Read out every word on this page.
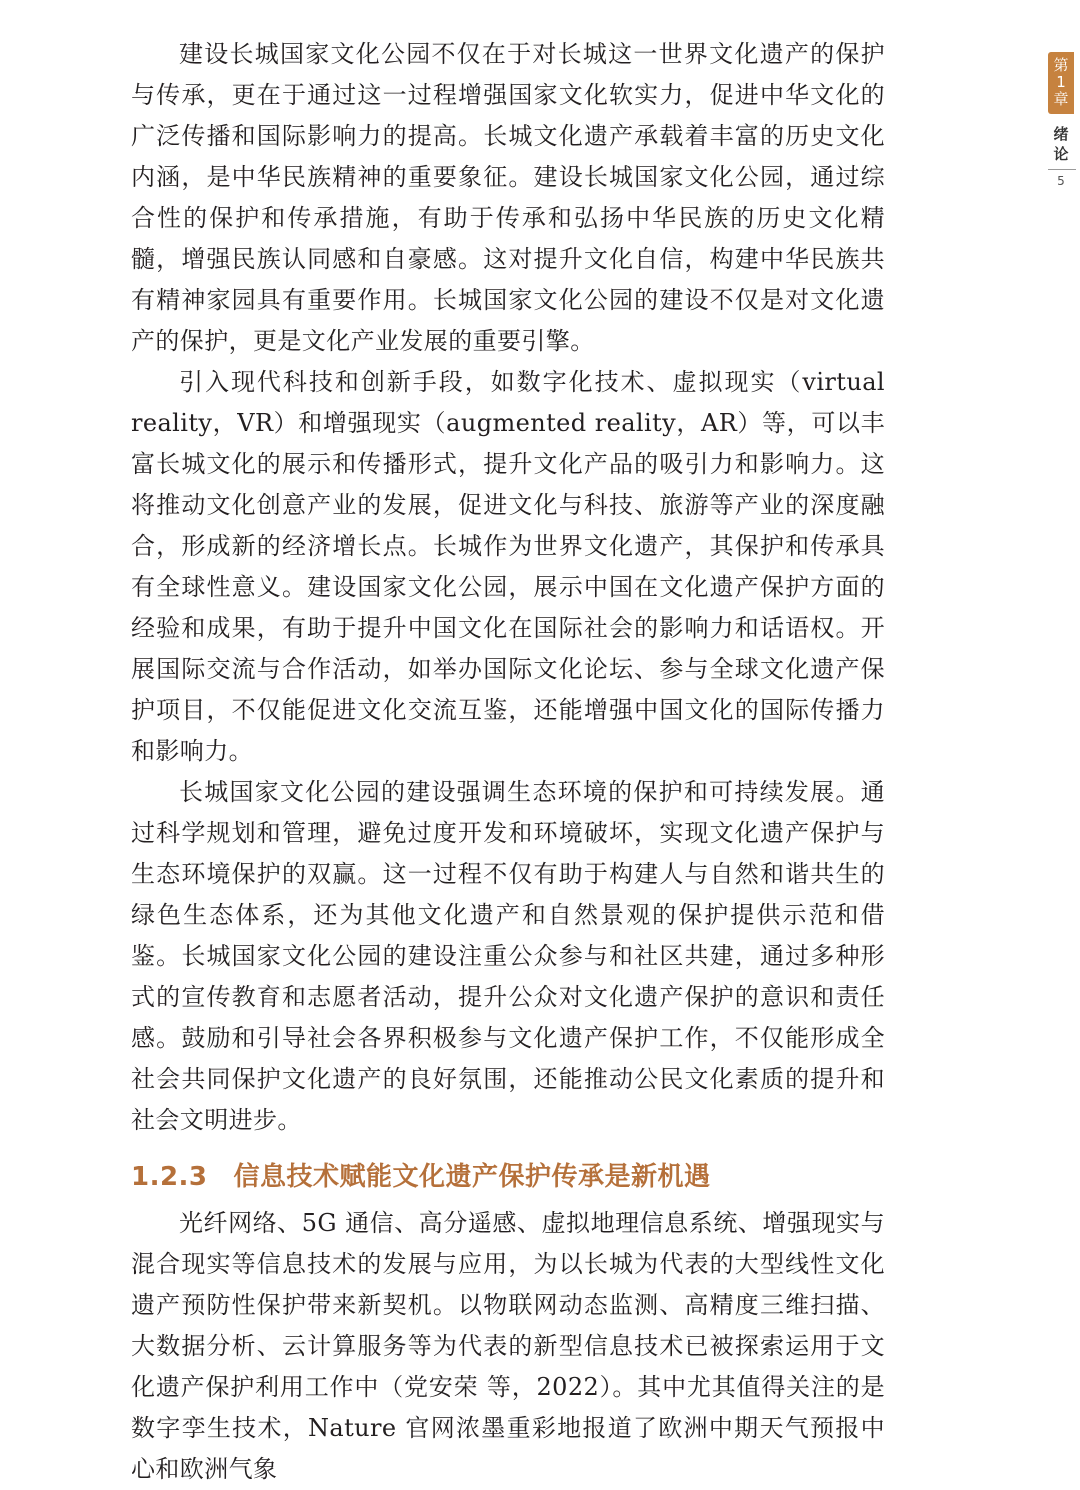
建设长城国家文化公园不仅在于对长城这一世界文化遗产的保护与传承，更在于通过这一过程增强国家文化软实力，促进中华文化的广泛传播和国际影响力的提高。长城文化遗产承载着丰富的历史文化内涵，是中华民族精神的重要象征。建设长城国家文化公园，通过综合性的保护和传承措施，有助于传承和弘扬中华民族的历史文化精髓，增强民族认同感和自豪感。这对提升文化自信，构建中华民族共有精神家园具有重要作用。长城国家文化公园的建设不仅是对文化遗产的保护，更是文化产业发展的重要引擎。

引入现代科技和创新手段，如数字化技术、虚拟现实（virtual reality，VR）和增强现实（augmented reality，AR）等，可以丰富长城文化的展示和传播形式，提升文化产品的吸引力和影响力。这将推动文化创意产业的发展，促进文化与科技、旅游等产业的深度融合，形成新的经济增长点。长城作为世界文化遗产，其保护和传承具有全球性意义。建设国家文化公园，展示中国在文化遗产保护方面的经验和成果，有助于提升中国文化在国际社会的影响力和话语权。开展国际交流与合作活动，如举办国际文化论坛、参与全球文化遗产保护项目，不仅能促进文化交流互鉴，还能增强中国文化的国际传播力和影响力。

长城国家文化公园的建设强调生态环境的保护和可持续发展。通过科学规划和管理，避免过度开发和环境破坏，实现文化遗产保护与生态环境保护的双赢。这一过程不仅有助于构建人与自然和谐共生的绿色生态体系，还为其他文化遗产和自然景观的保护提供示范和借鉴。长城国家文化公园的建设注重公众参与和社区共建，通过多种形式的宣传教育和志愿者活动，提升公众对文化遗产保护的意识和责任感。鼓励和引导社会各界积极参与文化遗产保护工作，不仅能形成全社会共同保护文化遗产的良好氛围，还能推动公民文化素质的提升和社会文明进步。

1.2.3 信息技术赋能文化遗产保护传承是新机遇

光纤网络、5G 通信、高分遥感、虚拟地理信息系统、增强现实与混合现实等信息技术的发展与应用，为以长城为代表的大型线性文化遗产预防性保护带来新契机。以物联网动态监测、高精度三维扫描、大数据分析、云计算服务等为代表的新型信息技术已被探索运用于文化遗产保护利用工作中（党安荣 等，2022）。其中尤其值得关注的是数字孪生技术，Nature 官网浓墨重彩地报道了欧洲中期天气预报中心和欧洲气象

第
1
章
绪
论
5
